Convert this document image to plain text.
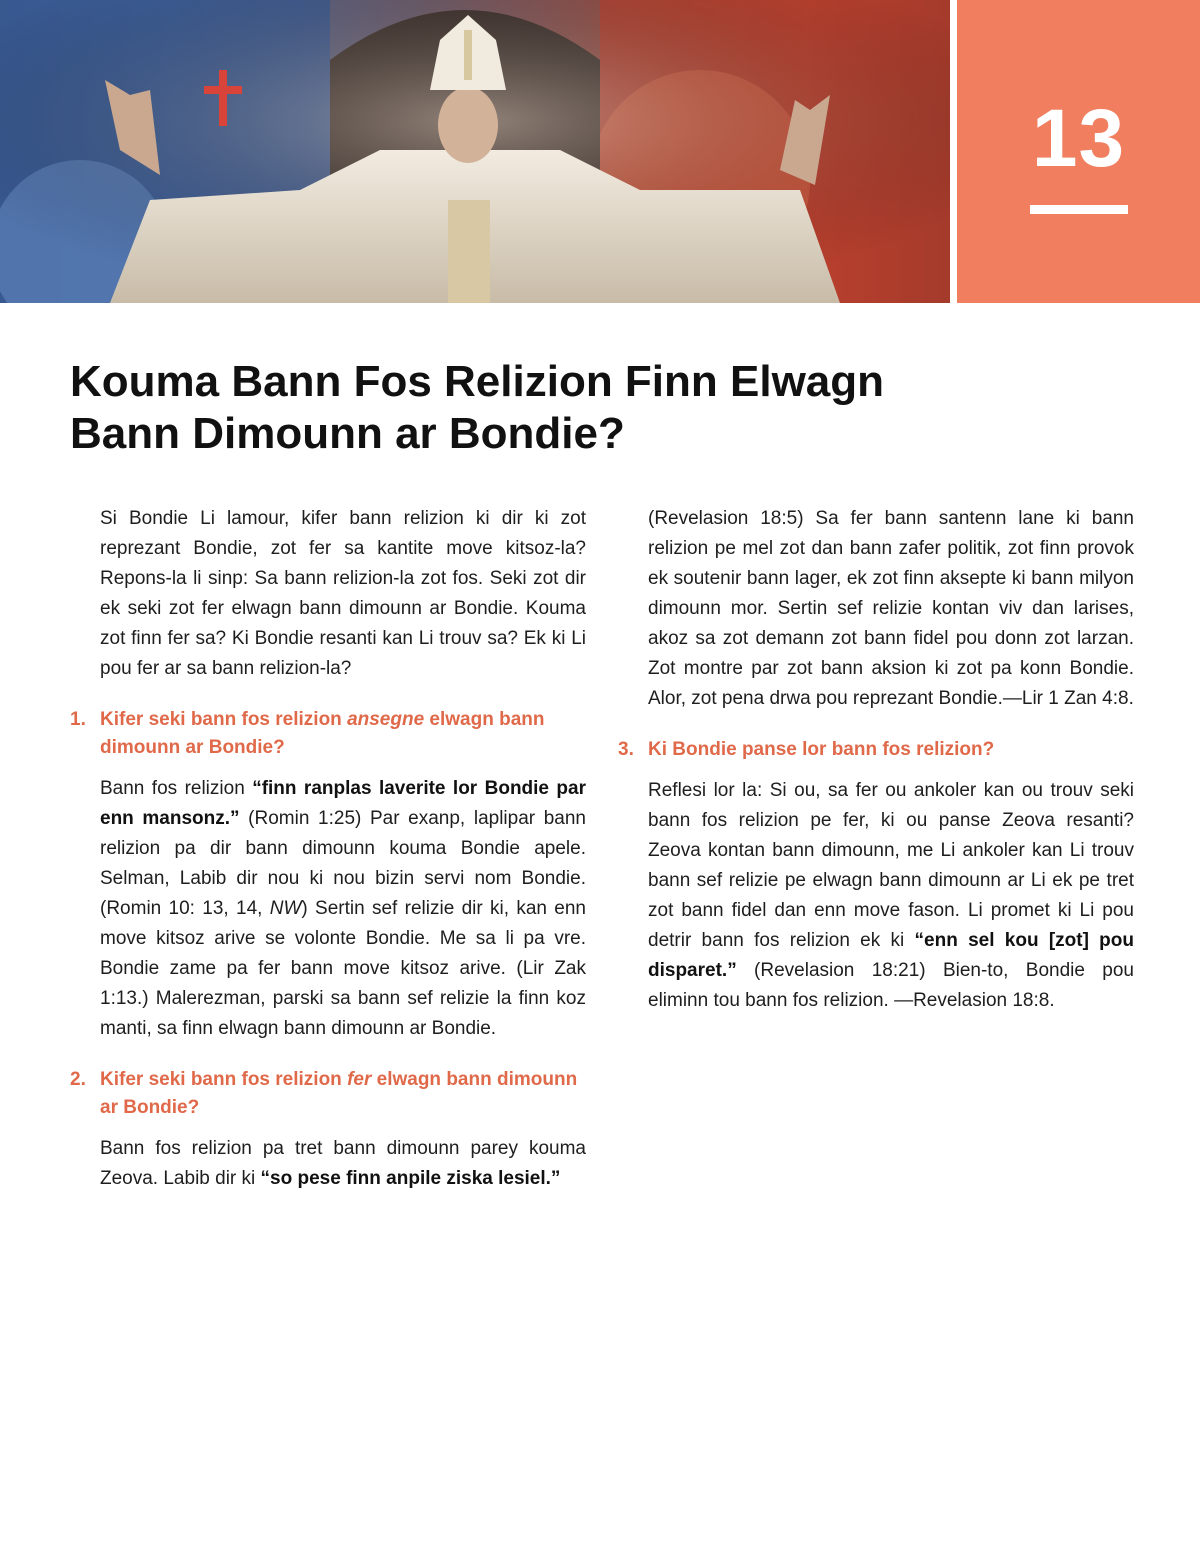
13
Kouma Bann Fos Relizion Finn Elwagn
Bann Dimounn ar Bondie?

Si Bondie Li lamour, kifer bann relizion ki dir ki zot reprezant Bondie, zot fer sa kantite move kitsoz-la? Repons-la li sinp: Sa bann relizion-la zot fos. Seki zot dir ek seki zot fer elwagn bann dimounn ar Bondie. Kouma zot finn fer sa? Ki Bondie resanti kan Li trouv sa? Ek ki Li pou fer ar sa bann relizion-la?

1. Kifer seki bann fos relizion ansegne elwagn bann dimounn ar Bondie?

Bann fos relizion “finn ranplas laverite lor Bondie par enn mansonz.” (Romin 1:25) Par exanp, laplipar bann relizion pa dir bann dimounn kouma Bondie apele. Selman, Labib dir nou ki nou bizin servi nom Bondie. (Romin 10: 13, 14, NW) Sertin sef relizie dir ki, kan enn move kitsoz arive se volonte Bondie. Me sa li pa vre. Bondie zame pa fer bann move kitsoz arive. (Lir Zak 1:13.) Malerezman, parski sa bann sef relizie la finn koz manti, sa finn elwagn bann dimounn ar Bondie.

2. Kifer seki bann fos relizion fer elwagn bann dimounn ar Bondie?

Bann fos relizion pa tret bann dimounn parey kouma Zeova. Labib dir ki “so pese finn anpile ziska lesiel.”

(Revelasion 18:5) Sa fer bann santenn lane ki bann relizion pe mel zot dan bann zafer politik, zot finn provok ek soutenir bann lager, ek zot finn aksepte ki bann milyon dimounn mor. Sertin sef relizie kontan viv dan larises, akoz sa zot demann zot bann fidel pou donn zot larzan. Zot montre par zot bann aksion ki zot pa konn Bondie. Alor, zot pena drwa pou reprezant Bondie.—Lir 1 Zan 4:8.

3. Ki Bondie panse lor bann fos relizion?

Reflesi lor la: Si ou, sa fer ou ankoler kan ou trouv seki bann fos relizion pe fer, ki ou panse Zeova resanti? Zeova kontan bann dimounn, me Li ankoler kan Li trouv bann sef relizie pe elwagn bann dimounn ar Li ek pe tret zot bann fidel dan enn move fason. Li promet ki Li pou detrir bann fos relizion ek ki “enn sel kou [zot] pou disparet.” (Revelasion 18:21) Bien-to, Bondie pou eliminn tou bann fos relizion. —Revelasion 18:8.
